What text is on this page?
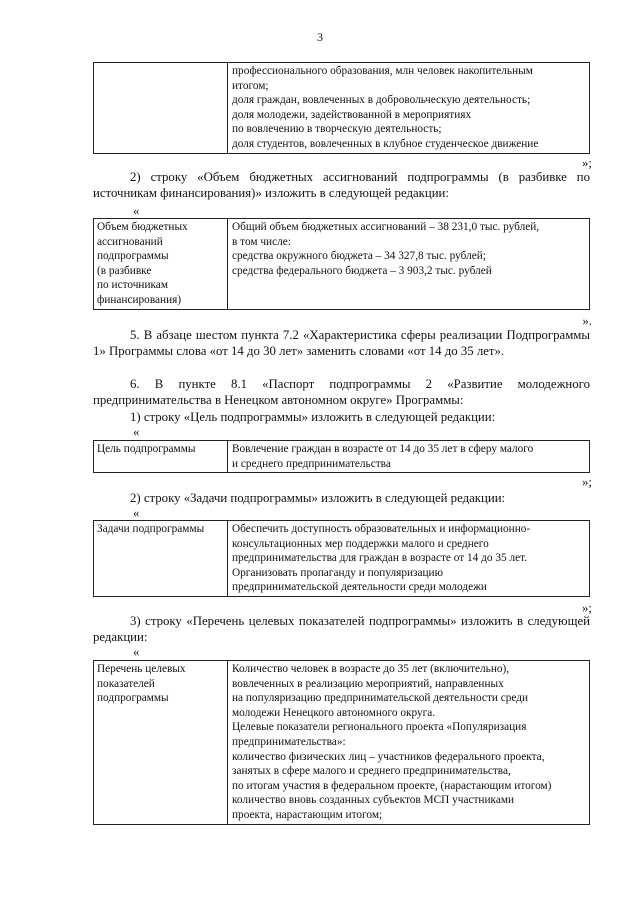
3

профессионального образования, млн человек накопительным
итогом;
доля граждан, вовлеченных в добровольческую деятельность;
доля молодежи, задействованной в мероприятиях
по вовлечению в творческую деятельность;
доля студентов, вовлеченных в клубное студенческое движение
»;
2) строку «Объем бюджетных ассигнований подпрограммы (в разбивке по источникам финансирования)» изложить в следующей редакции:
«
Объем бюджетных
ассигнований
подпрограммы
(в разбивке
по источникам
финансирования)

Общий объем бюджетных ассигнований – 38 231,0 тыс. рублей,
в том числе:
средства окружного бюджета – 34 327,8 тыс. рублей;
средства федерального бюджета – 3 903,2 тыс. рублей
».
5. В абзаце шестом пункта 7.2 «Характеристика сферы реализации Подпрограммы 1» Программы слова «от 14 до 30 лет» заменить словами «от 14 до 35 лет».
6. В пункте 8.1 «Паспорт подпрограммы 2 «Развитие молодежного предпринимательства в Ненецком автономном округе» Программы:
1) строку «Цель подпрограммы» изложить в следующей редакции:
«
Цель подпрограммы	Вовлечение граждан в возрасте от 14 до 35 лет в сферу малого
и среднего предпринимательства
»;
2) строку «Задачи подпрограммы» изложить в следующей редакции:
«
Задачи подпрограммы	Обеспечить доступность образовательных и информационно-
консультационных мер поддержки малого и среднего
предпринимательства для граждан в возрасте от 14 до 35 лет.
Организовать пропаганду и популяризацию
предпринимательской деятельности среди молодежи
»;
3) строку «Перечень целевых показателей подпрограммы» изложить в следующей редакции:
«
Перечень целевых
показателей
подпрограммы

Количество человек в возрасте до 35 лет (включительно),
вовлеченных в реализацию мероприятий, направленных
на популяризацию предпринимательской деятельности среди
молодежи Ненецкого автономного округа.
Целевые показатели регионального проекта «Популяризация
предпринимательства»:
количество физических лиц – участников федерального проекта,
занятых в сфере малого и среднего предпринимательства,
по итогам участия в федеральном проекте, (нарастающим итогом)
количество вновь созданных субъектов МСП участниками
проекта, нарастающим итогом;
